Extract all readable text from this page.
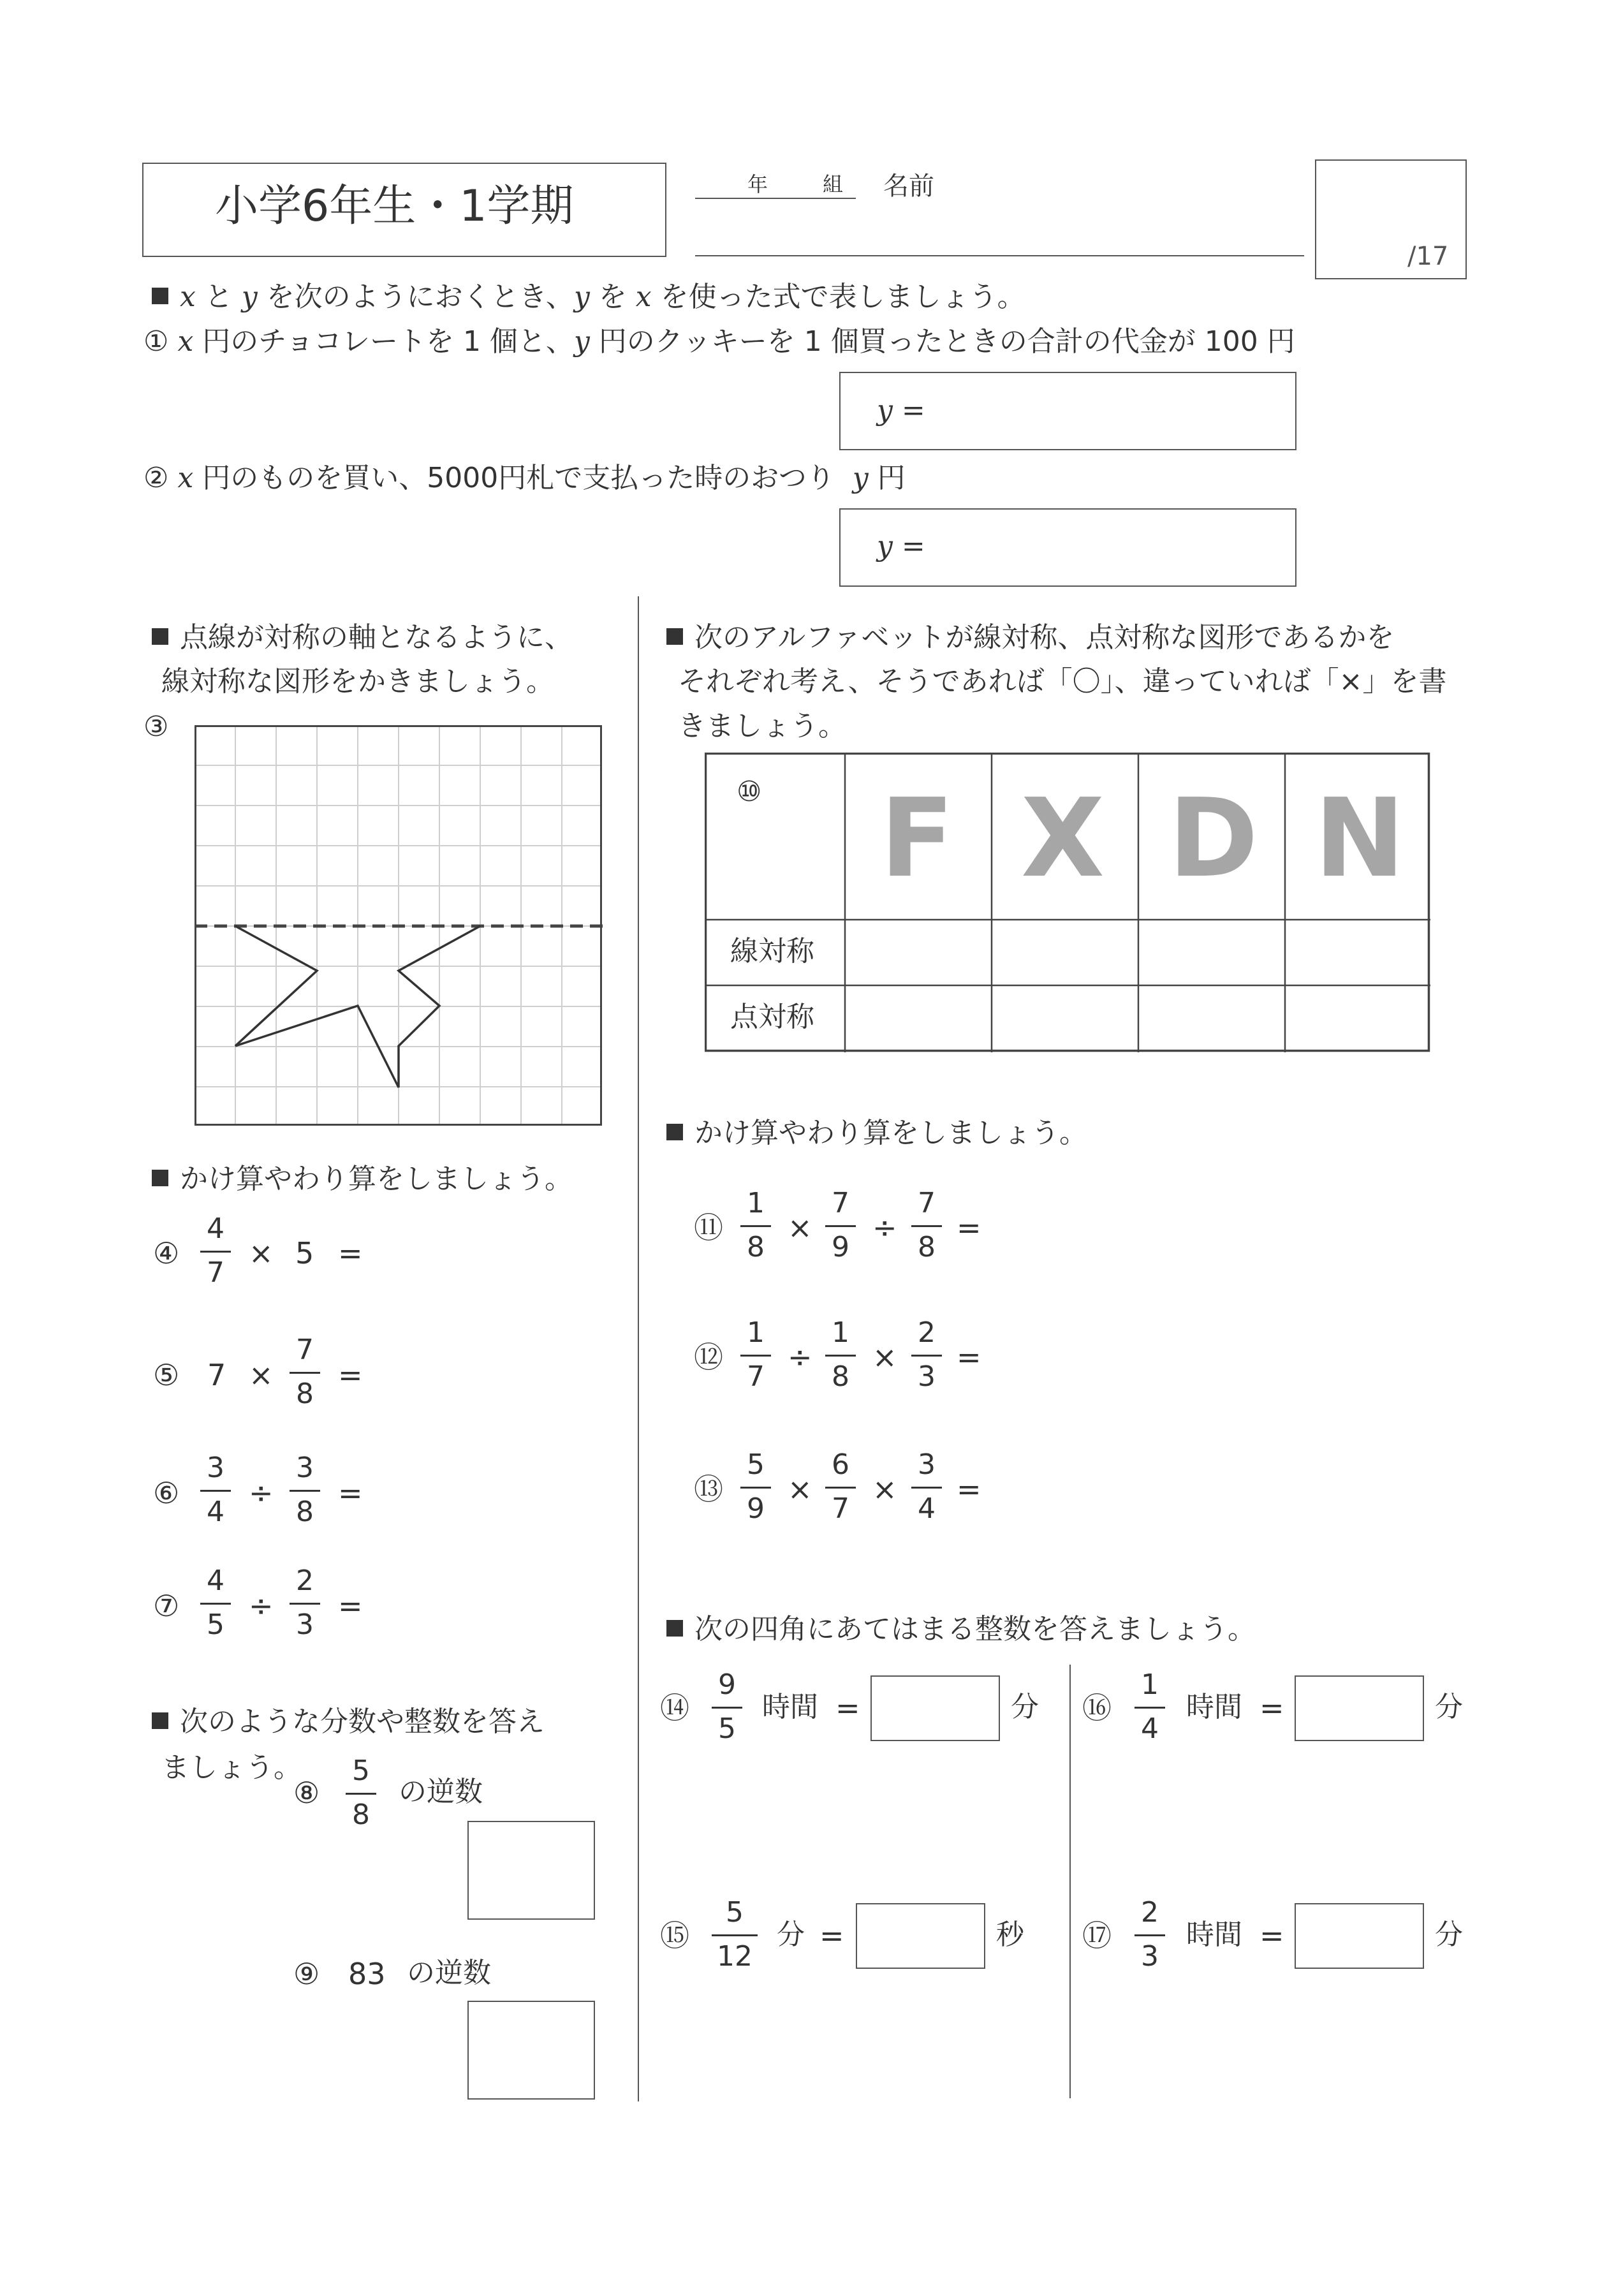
小学6年生・1学期	年	組 名前
/17
x と y を次のようにおくとき、y を x を使った式で表しましょう。
① x 円のチョコレートを 1 個と、y 円のクッキーを 1 個買ったときの合計の代金が 100 円
y =
② x 円のものを買い、5000円札で支払った時のおつり y 円
y =
点線が対称の軸となるように、
線対称な図形をかきましょう。
③
かけ算やわり算をしましょう。
④
4
7
× 5 =
⑤ 7 ×
7
8
=
⑥
3
4
÷
3
8
=
⑦
4
5
÷
2
3
=
次のような分数や整数を答え
ましょう。
⑧
5
8
の逆数
⑨ 83 の逆数
次のアルファベットが線対称、点対称な図形であるかを
それぞれ考え、そうであれば「〇」、違っていれば「×」を書
きましょう。
⑩ F X D N
線対称
点対称
かけ算やわり算をしましょう。
⑪
1
8
×
7
9
÷
7
8
=
⑫
1
7
÷
1
8
×
2
3
=
⑬
5
9
×
6
7
×
3
4
=
次の四角にあてはまる整数を答えましょう。
⑭
9
5
時間 =	分 ⑯
1
4
時間 =	分
⑮
5
12
分 =	秒 ⑰
2
3
時間 =	分
